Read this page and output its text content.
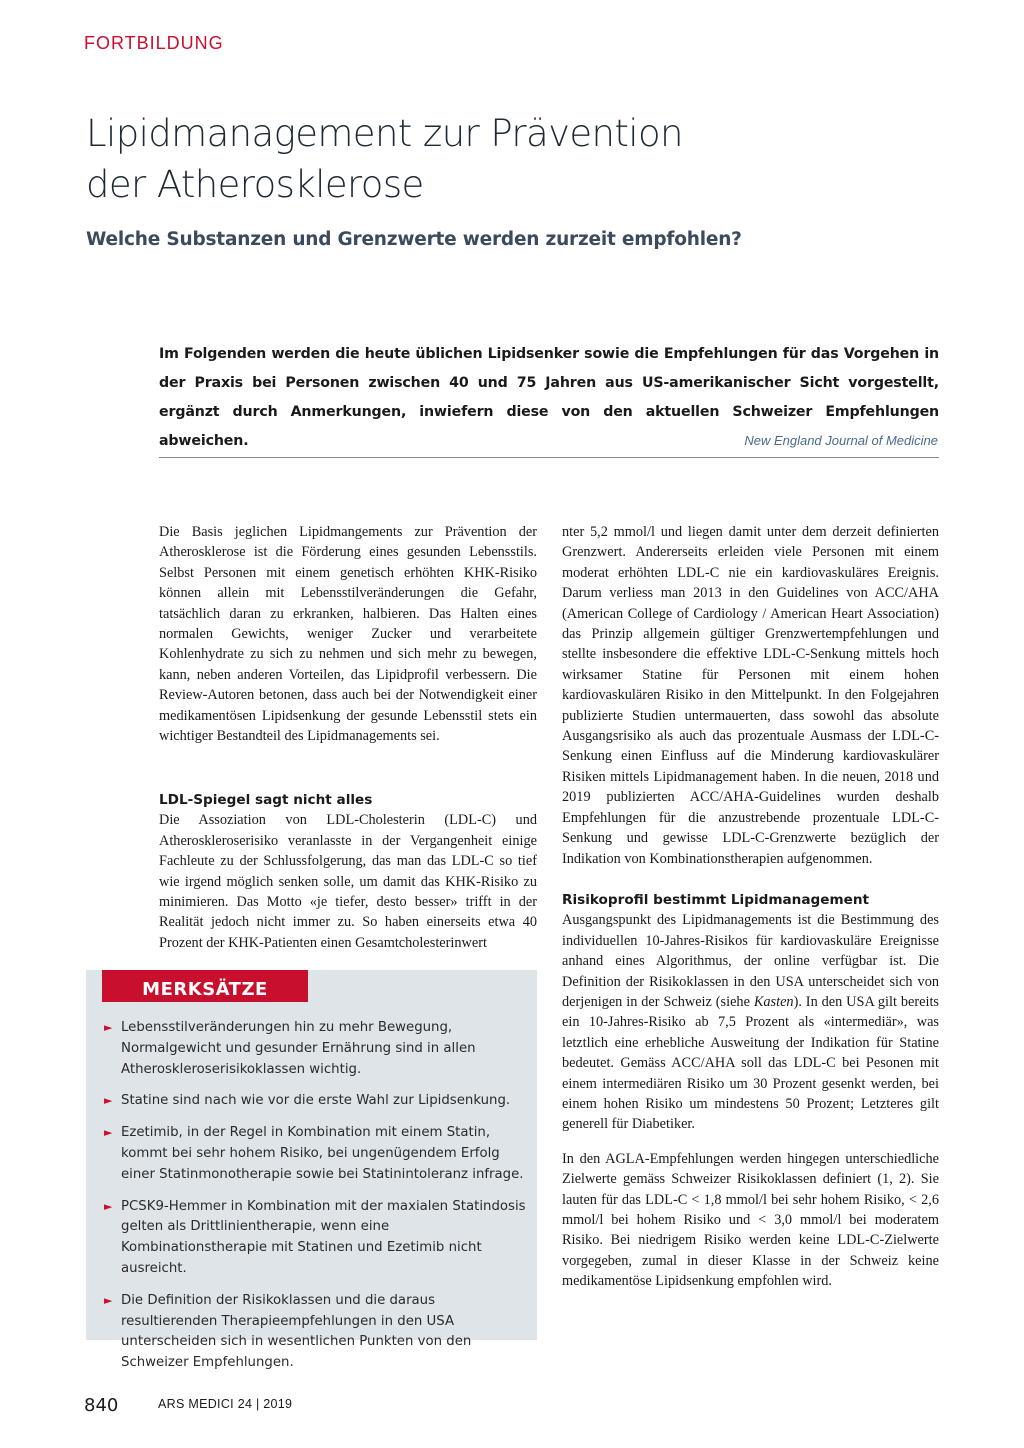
FORTBILDUNG
Lipidmanagement zur Prävention
der Atherosklerose
Welche Substanzen und Grenzwerte werden zurzeit empfohlen?
Im Folgenden werden die heute üblichen Lipidsenker sowie die Empfehlungen für das Vorgehen in der Praxis bei Personen zwischen 40 und 75 Jahren aus US-amerikanischer Sicht vorgestellt, ergänzt durch Anmerkungen, inwiefern diese von den aktuellen Schweizer Empfehlungen abweichen.	New England Journal of Medicine

Die Basis jeglichen Lipidmangements zur Prävention der Atherosklerose ist die Förderung eines gesunden Lebensstils. Selbst Personen mit einem genetisch erhöhten KHK-Risiko können allein mit Lebensstilveränderungen die Gefahr, tatsächlich daran zu erkranken, halbieren. Das Halten eines normalen Gewichts, weniger Zucker und verarbeitete Kohlenhydrate zu sich zu nehmen und sich mehr zu bewegen, kann, neben anderen Vorteilen, das Lipidprofil verbessern. Die Review-Autoren betonen, dass auch bei der Notwendigkeit einer medikamentösen Lipidsenkung der gesunde Lebensstil stets ein wichtiger Bestandteil des Lipidmanagements sei.

LDL-Spiegel sagt nicht alles

Die Assoziation von LDL-Cholesterin (LDL-C) und Atheroskleroserisiko veranlasste in der Vergangenheit einige Fachleute zu der Schlussfolgerung, das man das LDL-C so tief wie irgend möglich senken solle, um damit das KHK-Risiko zu minimieren. Das Motto «je tiefer, desto besser» trifft in der Realität jedoch nicht immer zu. So haben einerseits etwa 40 Prozent der KHK-Patienten einen Gesamtcholesterinwert

MERKSÄTZE
► Lebensstilveränderungen hin zu mehr Bewegung, Normalgewicht und gesunder Ernährung sind in allen Atheroskleroserisikoklassen wichtig.
► Statine sind nach wie vor die erste Wahl zur Lipidsenkung.
► Ezetimib, in der Regel in Kombination mit einem Statin, kommt bei sehr hohem Risiko, bei ungenügendem Erfolg einer Statinmonotherapie sowie bei Statinintoleranz infrage.
► PCSK9-Hemmer in Kombination mit der maxialen Statindosis gelten als Drittlinientherapie, wenn eine Kombinationstherapie mit Statinen und Ezetimib nicht ausreicht.
► Die Definition der Risikoklassen und die daraus resultierenden Therapieempfehlungen in den USA unterscheiden sich in wesentlichen Punkten von den Schweizer Empfehlungen.

nter 5,2 mmol/l und liegen damit unter dem derzeit definierten Grenzwert. Andererseits erleiden viele Personen mit einem moderat erhöhten LDL-C nie ein kardiovaskuläres Ereignis. Darum verliess man 2013 in den Guidelines von ACC/AHA (American College of Cardiology / American Heart Association) das Prinzip allgemein gültiger Grenzwertempfehlungen und stellte insbesondere die effektive LDL-C-Senkung mittels hoch wirksamer Statine für Personen mit einem hohen kardiovaskulären Risiko in den Mittelpunkt. In den Folgejahren publizierte Studien untermauerten, dass sowohl das absolute Ausgangsrisiko als auch das prozentuale Ausmass der LDL-C-Senkung einen Einfluss auf die Minderung kardiovaskulärer Risiken mittels Lipidmanagement haben. In die neuen, 2018 und 2019 publizierten ACC/AHA-Guidelines wurden deshalb Empfehlungen für die anzustrebende prozentuale LDL-C-Senkung und gewisse LDL-C-Grenzwerte bezüglich der Indikation von Kombinationstherapien aufgenommen.

Risikoprofil bestimmt Lipidmanagement

Ausgangspunkt des Lipidmanagements ist die Bestimmung des individuellen 10-Jahres-Risikos für kardiovaskuläre Ereignisse anhand eines Algorithmus, der online verfügbar ist. Die Definition der Risikoklassen in den USA unterscheidet sich von derjenigen in der Schweiz (siehe Kasten). In den USA gilt bereits ein 10-Jahres-Risiko ab 7,5 Prozent als «intermediär», was letztlich eine erhebliche Ausweitung der Indikation für Statine bedeutet. Gemäss ACC/AHA soll das LDL-C bei Pesonen mit einem intermediären Risiko um 30 Prozent gesenkt werden, bei einem hohen Risiko um mindestens 50 Prozent; Letzteres gilt generell für Diabetiker.

In den AGLA-Empfehlungen werden hingegen unterschiedliche Zielwerte gemäss Schweizer Risikoklassen definiert (1, 2). Sie lauten für das LDL-C < 1,8 mmol/l bei sehr hohem Risiko, < 2,6 mmol/l bei hohem Risiko und < 3,0 mmol/l bei moderatem Risiko. Bei niedrigem Risiko werden keine LDL-C-Zielwerte vorgegeben, zumal in dieser Klasse in der Schweiz keine medikamentöse Lipidsenkung empfohlen wird.

840	ARS MEDICI 24 | 2019
